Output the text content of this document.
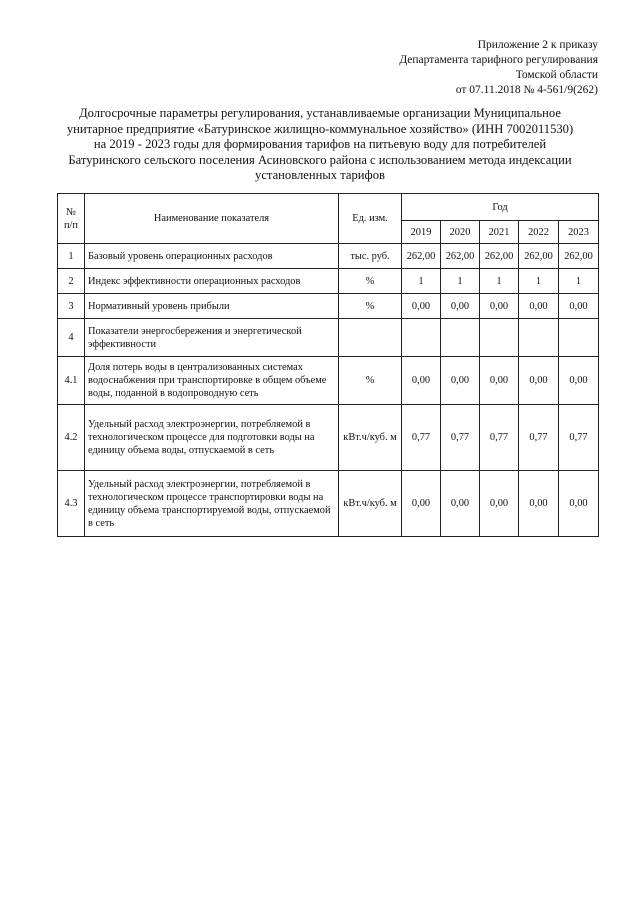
Приложение 2 к приказу
Департамента тарифного регулирования
Томской области
от 07.11.2018 № 4-561/9(262)
Долгосрочные параметры регулирования, устанавливаемые организации Муниципальное
унитарное предприятие «Батуринское жилищно-коммунальное хозяйство» (ИНН 7002011530)
на 2019 - 2023 годы для формирования тарифов на питьевую воду для потребителей
Батуринского сельского поселения Асиновского района с использованием метода индексации
установленных тарифов
№ п/п	Наименование показателя	Ед. изм.	Год				
			2019	2020	2021	2022	2023
1	Базовый уровень операционных расходов	тыс. руб.	262,00	262,00	262,00	262,00	262,00
2	Индекс эффективности операционных расходов	%	1	1	1	1	1
3	Нормативный уровень прибыли	%	0,00	0,00	0,00	0,00	0,00
4	Показатели энергосбережения и энергетической эффективности						
4.1	Доля потерь воды в централизованных системах водоснабжения при транспортировке в общем объеме воды, поданной в водопроводную сеть	%	0,00	0,00	0,00	0,00	0,00
4.2	Удельный расход электроэнергии, потребляемой в технологическом процессе для подготовки воды на единицу объема воды, отпускаемой в сеть	кВт.ч/куб. м	0,77	0,77	0,77	0,77	0,77
4.3	Удельный расход электроэнергии, потребляемой в технологическом процессе транспортировки воды на единицу объема транспортируемой воды, отпускаемой в сеть	кВт.ч/куб. м	0,00	0,00	0,00	0,00	0,00
